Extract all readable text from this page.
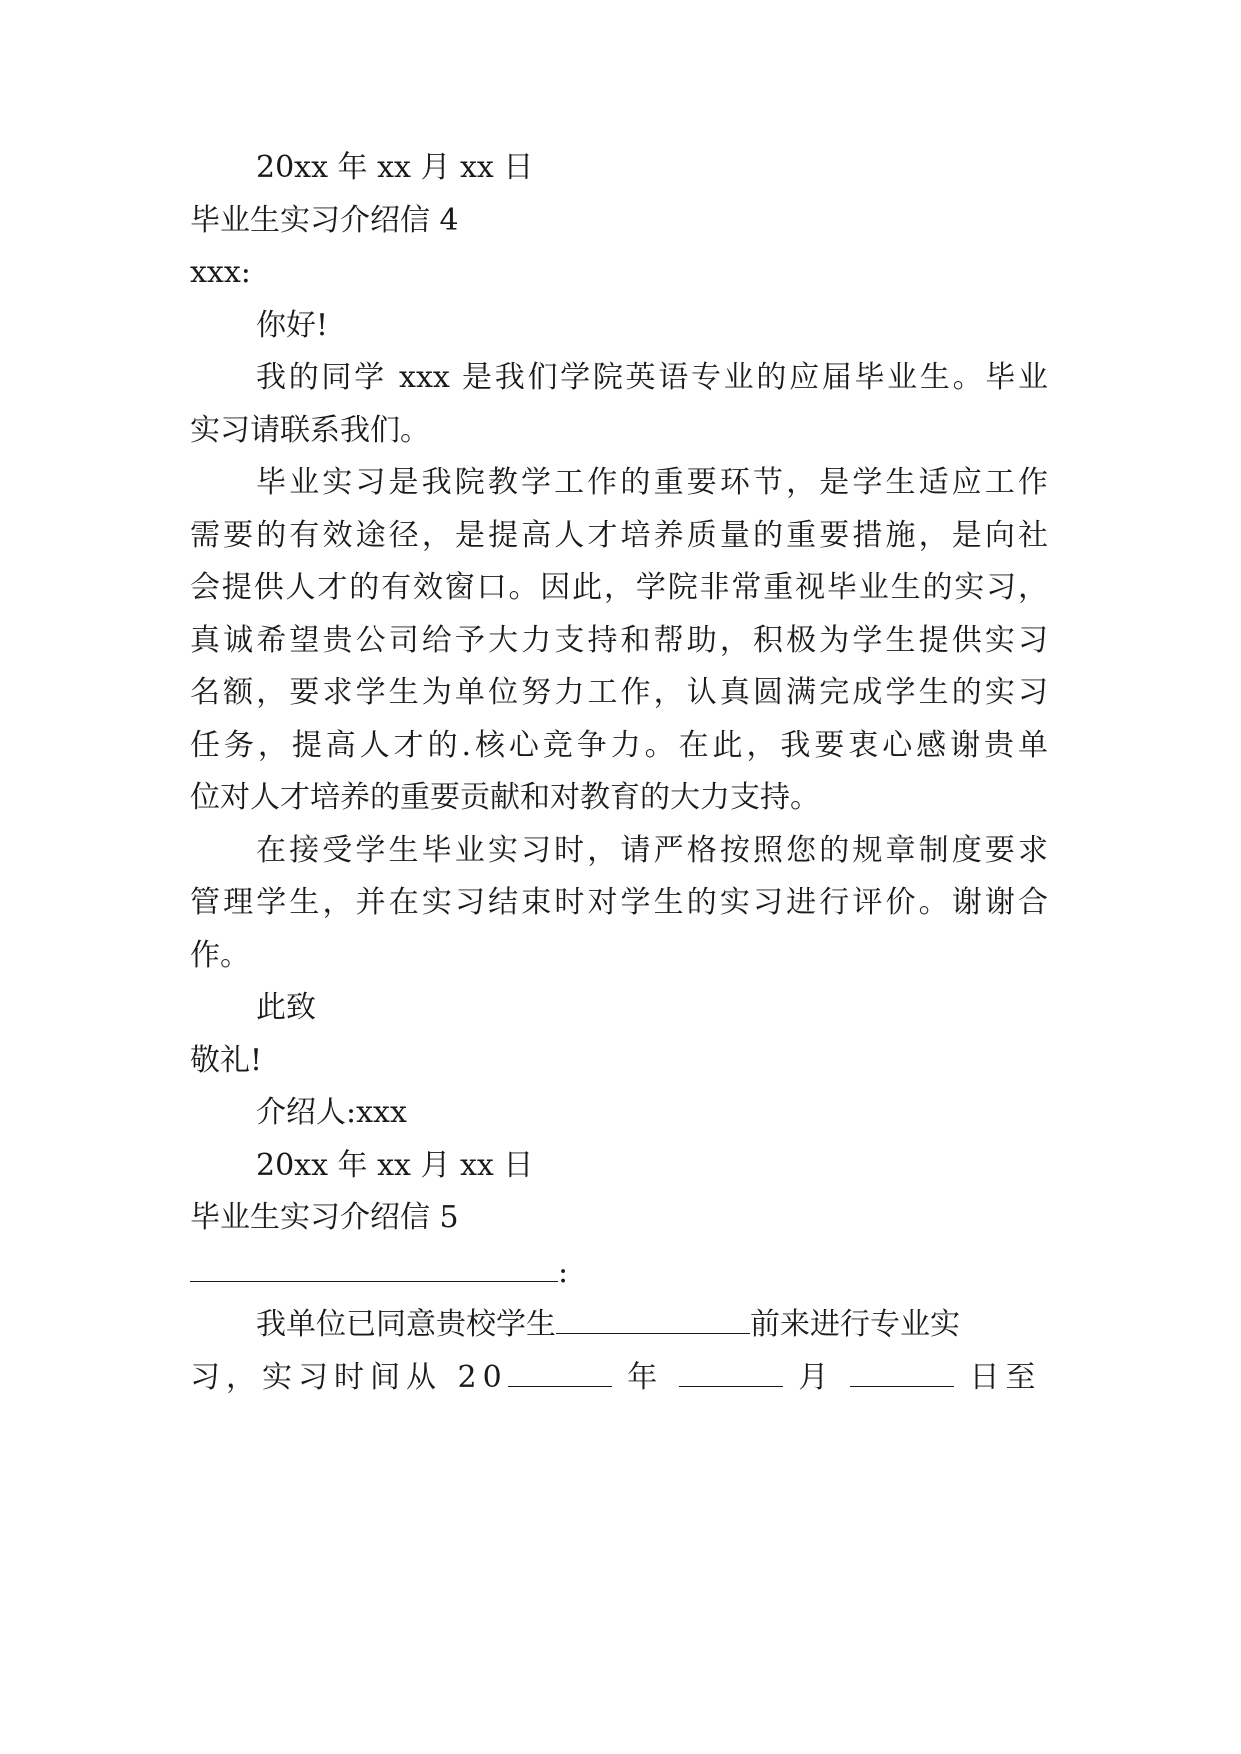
20xx 年 xx 月 xx 日
毕业生实习介绍信 4
xxx:
你好!
我的同学 xxx 是我们学院英语专业的应届毕业生。毕业
实习请联系我们。
毕业实习是我院教学工作的重要环节，是学生适应工作
需要的有效途径，是提高人才培养质量的重要措施，是向社
会提供人才的有效窗口。因此，学院非常重视毕业生的实习，
真诚希望贵公司给予大力支持和帮助，积极为学生提供实习
名额，要求学生为单位努力工作，认真圆满完成学生的实习
任务，提高人才的.核心竞争力。在此，我要衷心感谢贵单
位对人才培养的重要贡献和对教育的大力支持。
在接受学生毕业实习时，请严格按照您的规章制度要求
管理学生，并在实习结束时对学生的实习进行评价。谢谢合
作。
此致
敬礼!
介绍人:xxx
20xx 年 xx 月 xx 日
毕业生实习介绍信 5
:
我单位已同意贵校学生	前来进行专业实
习，实习时间从 20	年	月	日至
